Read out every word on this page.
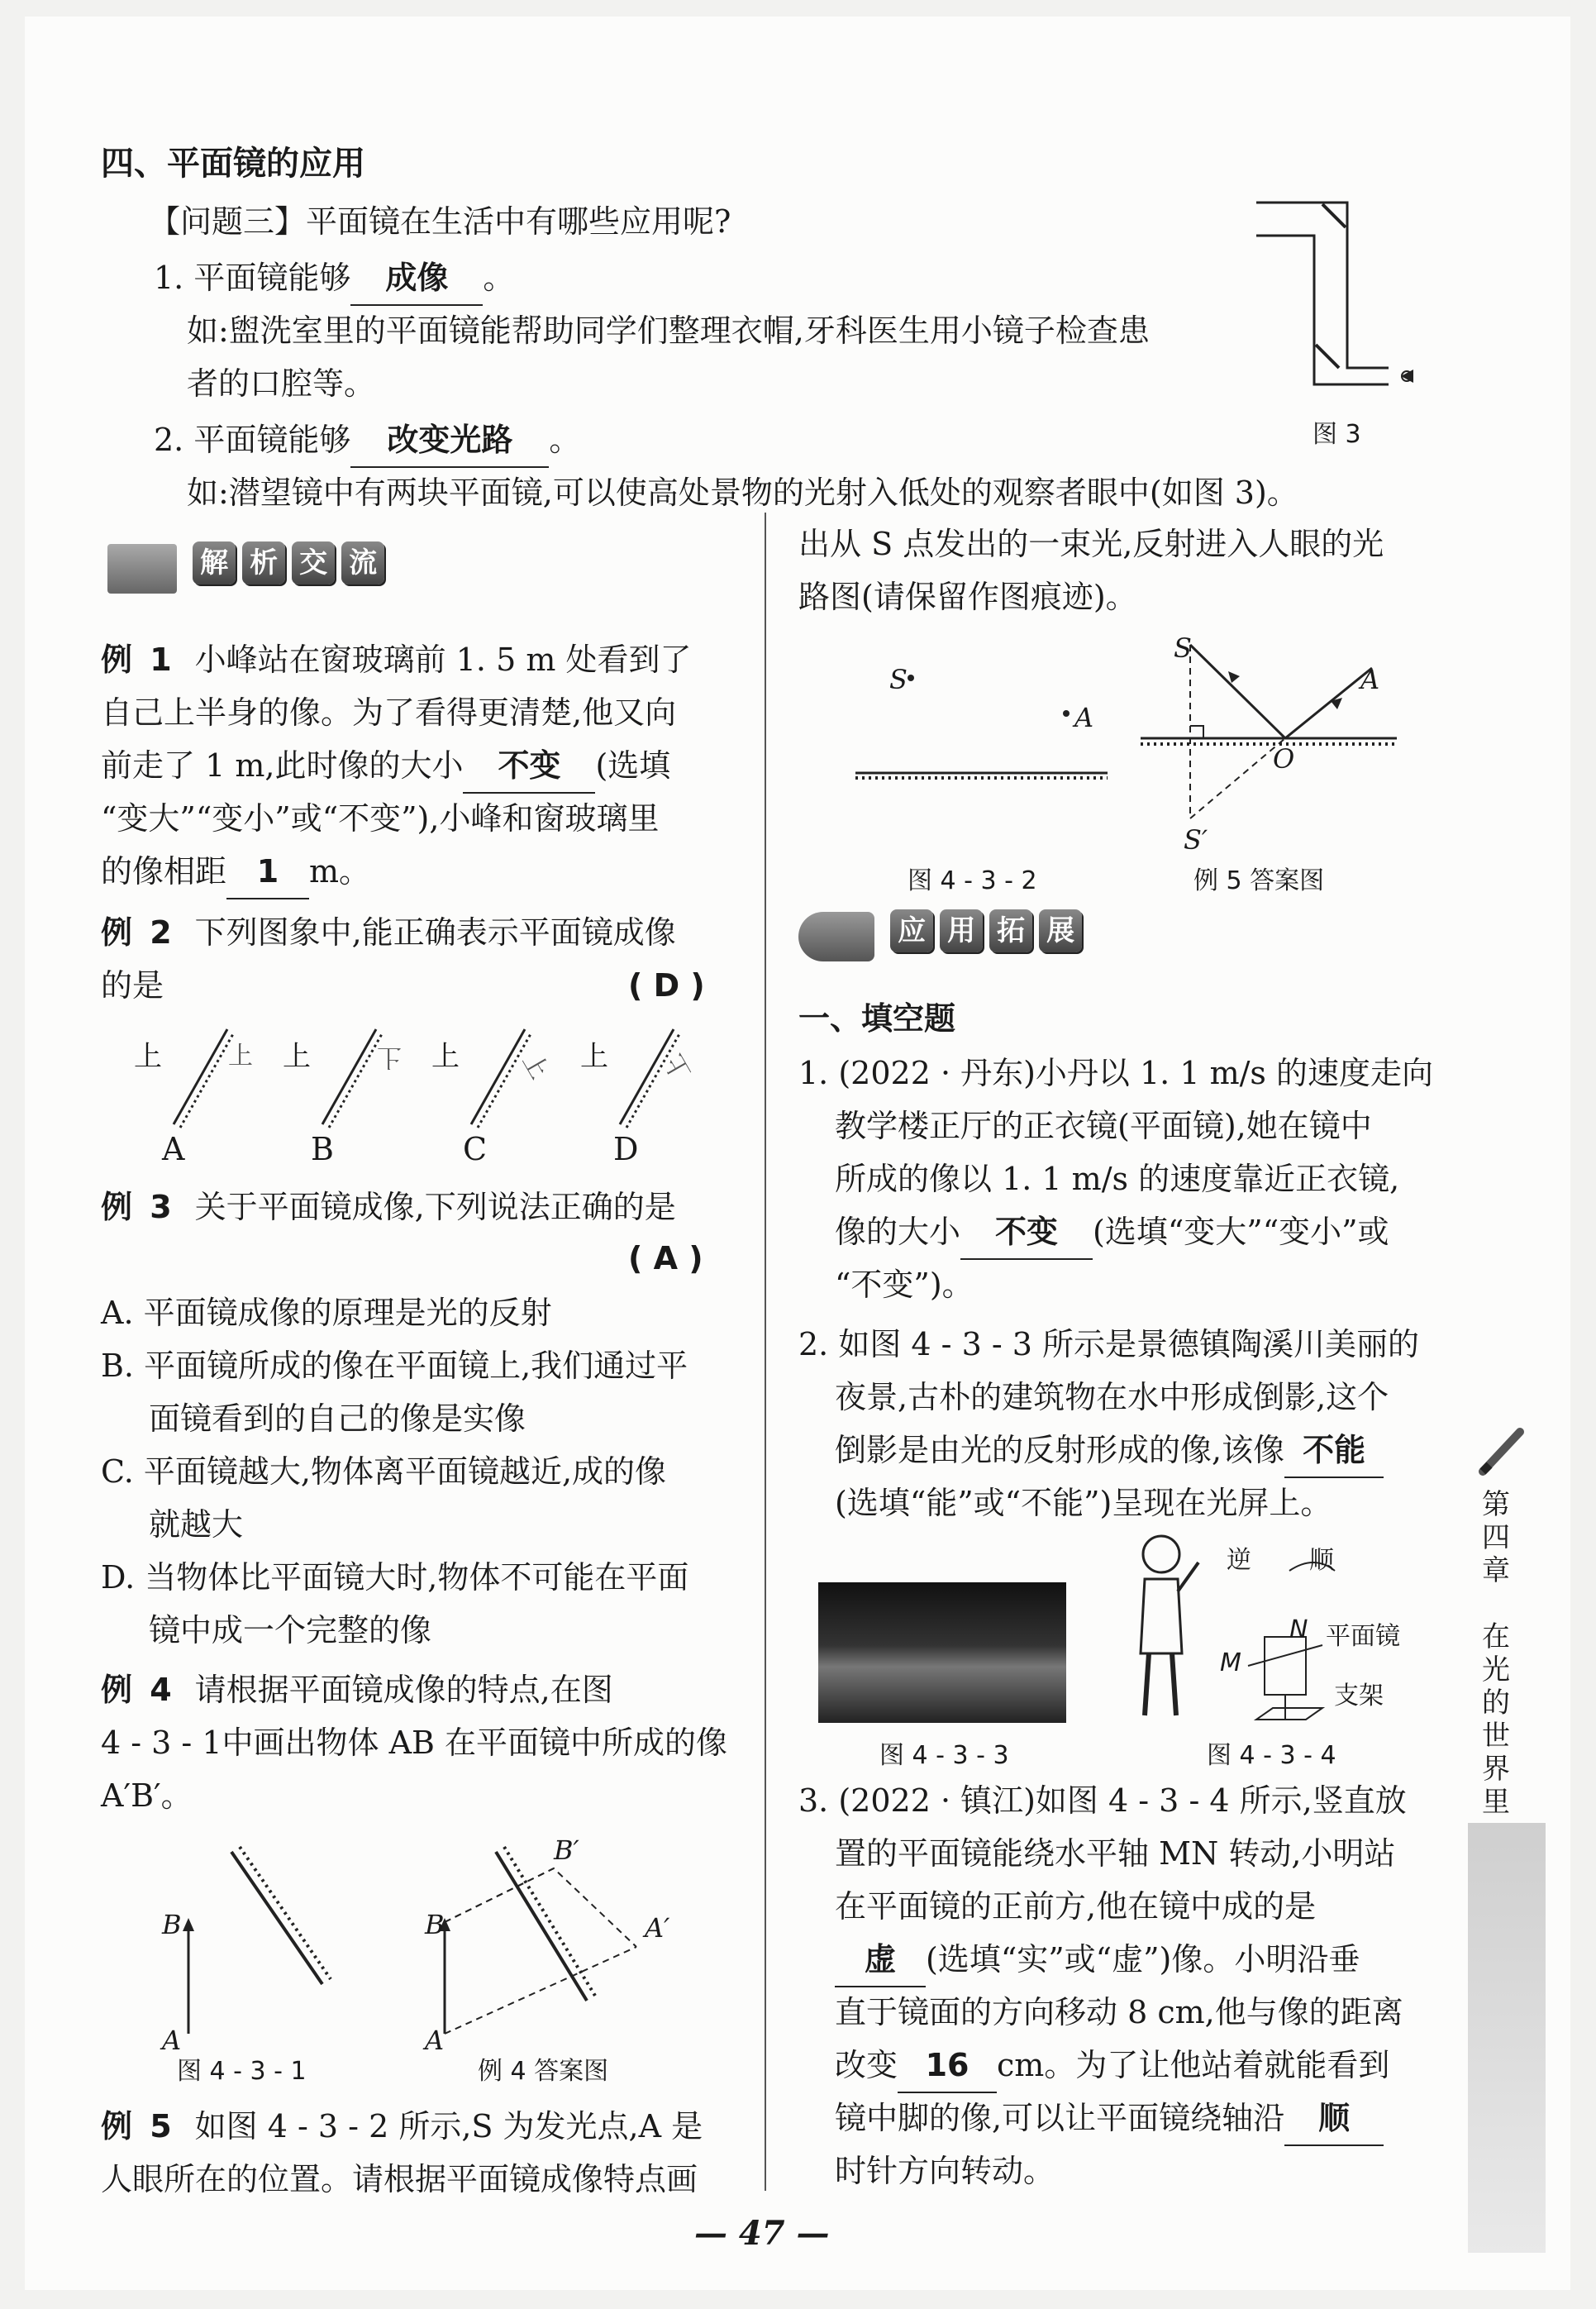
四、平面镜的应用
【问题三】平面镜在生活中有哪些应用呢?
1. 平面镜能够 成像 。
如:盥洗室里的平面镜能帮助同学们整理衣帽,牙科医生用小镜子检查患
者的口腔等。
2. 平面镜能够 改变光路 。
如:潜望镜中有两块平面镜,可以使高处景物的光射入低处的观察者眼中(如图 3)。
图 3
解 析 交 流
例 1 小峰站在窗玻璃前 1. 5 m 处看到了
自己上半身的像。为了看得更清楚,他又向
前走了 1 m,此时像的大小 不变 (选填
“变大”“变小”或“不变”),小峰和窗玻璃里
的像相距 1 m。
例 2 下列图象中,能正确表示平面镜成像
的是	( D )
上	上 上	上 上	上 上	上
A	B	C	D
例 3 关于平面镜成像,下列说法正确的是
( A )
A. 平面镜成像的原理是光的反射
B. 平面镜所成的像在平面镜上,我们通过平
面镜看到的自己的像是实像
C. 平面镜越大,物体离平面镜越近,成的像
就越大
D. 当物体比平面镜大时,物体不可能在平面
镜中成一个完整的像
例 4 请根据平面镜成像的特点,在图
4 - 3 - 1中画出物体 AB 在平面镜中所成的像
A′B′。
B
A
B
A
B′
A′
图 4 - 3 - 1	例 4 答案图
例 5 如图 4 - 3 - 2 所示,S 为发光点,A 是
人眼所在的位置。请根据平面镜成像特点画
出从 S 点发出的一束光,反射进入人眼的光
路图(请保留作图痕迹)。
S
A
S
A
O
S′
图 4 - 3 - 2	例 5 答案图
应 用 拓 展
一、填空题
1. (2022 · 丹东)小丹以 1. 1 m/s 的速度走向
教学楼正厅的正衣镜(平面镜),她在镜中
所成的像以 1. 1 m/s 的速度靠近正衣镜,
像的大小 不变 (选填“变大”“变小”或
“不变”)。
2. 如图 4 - 3 - 3 所示是景德镇陶溪川美丽的
夜景,古朴的建筑物在水中形成倒影,这个
倒影是由光的反射形成的像,该像 不能
(选填“能”或“不能”)呈现在光屏上。
逆 顺
平面镜
支架
M
N
图 4 - 3 - 3	图 4 - 3 - 4
3. (2022 · 镇江)如图 4 - 3 - 4 所示,竖直放
置的平面镜能绕水平轴 MN 转动,小明站
在平面镜的正前方,他在镜中成的是
虚 (选填“实”或“虚”)像。小明沿垂
直于镜面的方向移动 8 cm,他与像的距离
改变 16 cm。为了让他站着就能看到
镜中脚的像,可以让平面镜绕轴沿 顺
时针方向转动。
第
四
章
在
光
的
世
界
里
— 47 —
